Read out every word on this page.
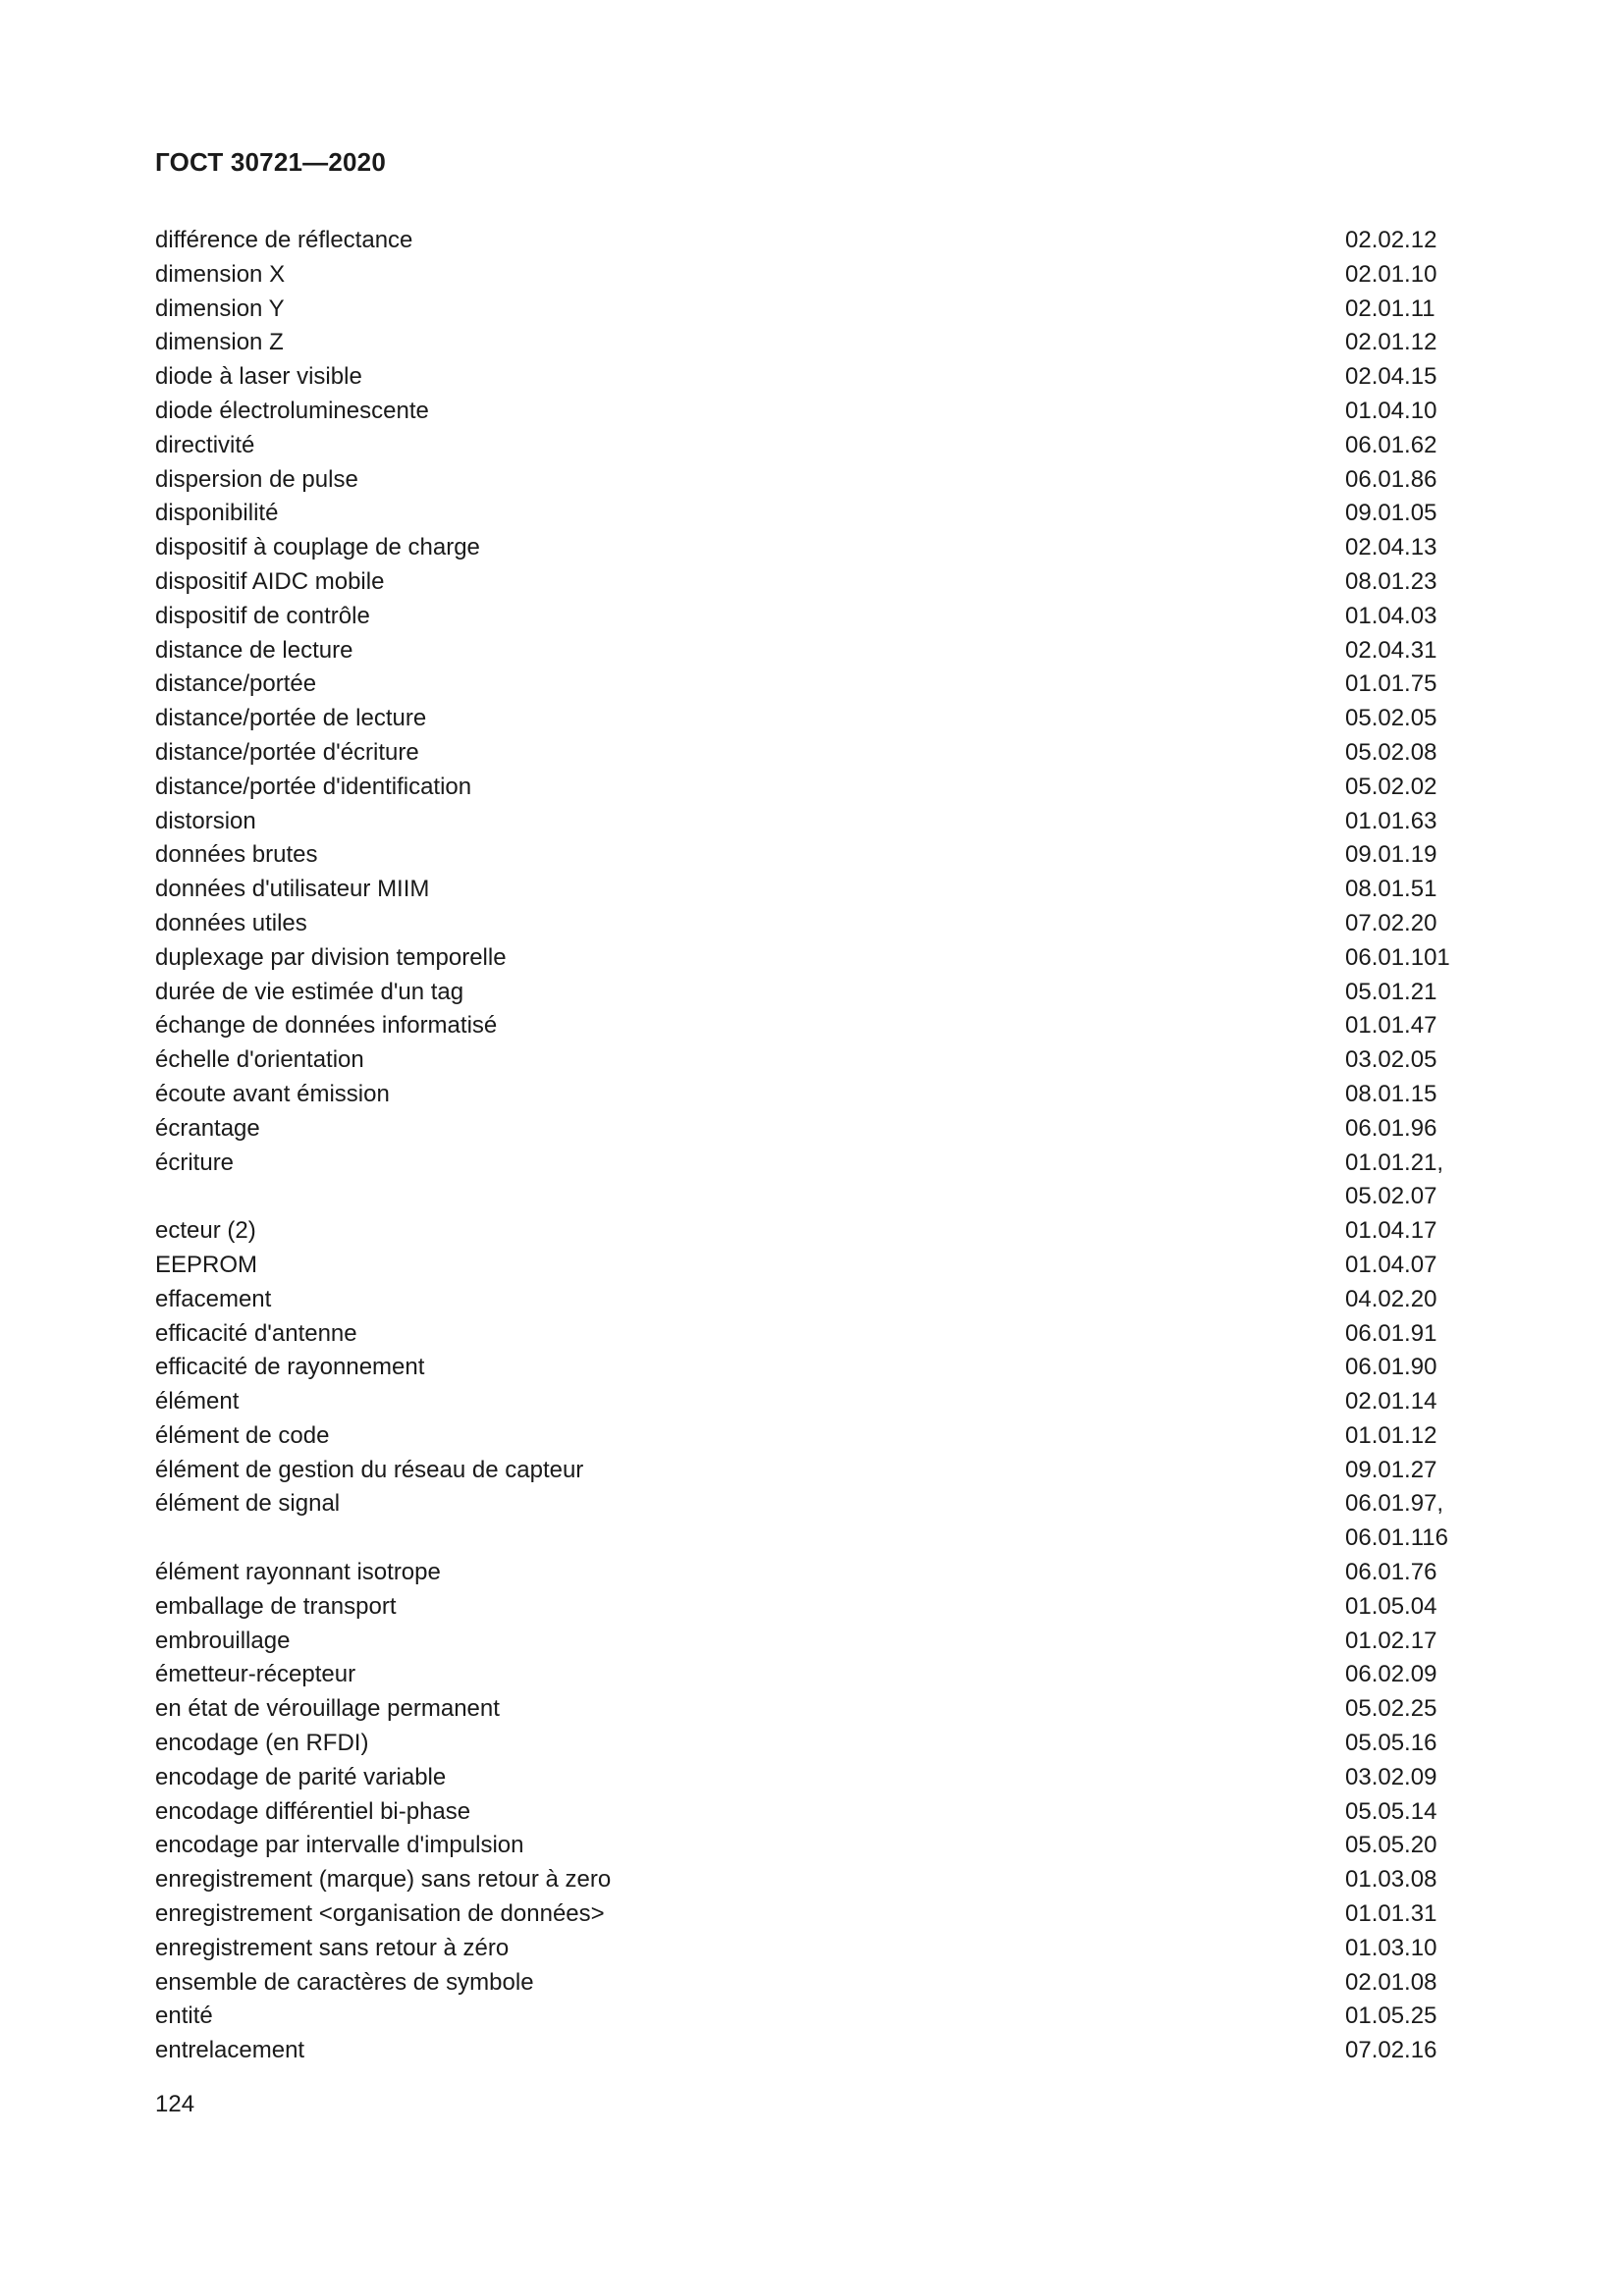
ГОСТ 30721—2020
différence de réflectance	02.02.12
dimension X	02.01.10
dimension Y	02.01.11
dimension Z	02.01.12
diode à laser visible	02.04.15
diode électroluminescente	01.04.10
directivité	06.01.62
dispersion de pulse	06.01.86
disponibilité	09.01.05
dispositif à couplage de charge	02.04.13
dispositif AIDC mobile	08.01.23
dispositif de contrôle	01.04.03
distance de lecture	02.04.31
distance/portée	01.01.75
distance/portée de lecture	05.02.05
distance/portée d'écriture	05.02.08
distance/portée d'identification	05.02.02
distorsion	01.01.63
données brutes	09.01.19
données d'utilisateur MIIM	08.01.51
données utiles	07.02.20
duplexage par division temporelle	06.01.101
durée de vie estimée d'un tag	05.01.21
échange de données informatisé	01.01.47
échelle d'orientation	03.02.05
écoute avant émission	08.01.15
écrantage	06.01.96
écriture	01.01.21,
05.02.07
ecteur (2)	01.04.17
EEPROM	01.04.07
effacement	04.02.20
efficacité d'antenne	06.01.91
efficacité de rayonnement	06.01.90
élément	02.01.14
élément de code	01.01.12
élément de gestion du réseau de capteur	09.01.27
élément de signal	06.01.97,
06.01.116
élément rayonnant isotrope	06.01.76
emballage de transport	01.05.04
embrouillage	01.02.17
émetteur-récepteur	06.02.09
en état de vérouillage permanent	05.02.25
encodage (en RFDI)	05.05.16
encodage de parité variable	03.02.09
encodage différentiel bi-phase	05.05.14
encodage par intervalle d'impulsion	05.05.20
enregistrement (marque) sans retour à zero	01.03.08
enregistrement <organisation de données>	01.01.31
enregistrement sans retour à zéro	01.03.10
ensemble de caractères de symbole	02.01.08
entité	01.05.25
entrelacement	07.02.16
124
